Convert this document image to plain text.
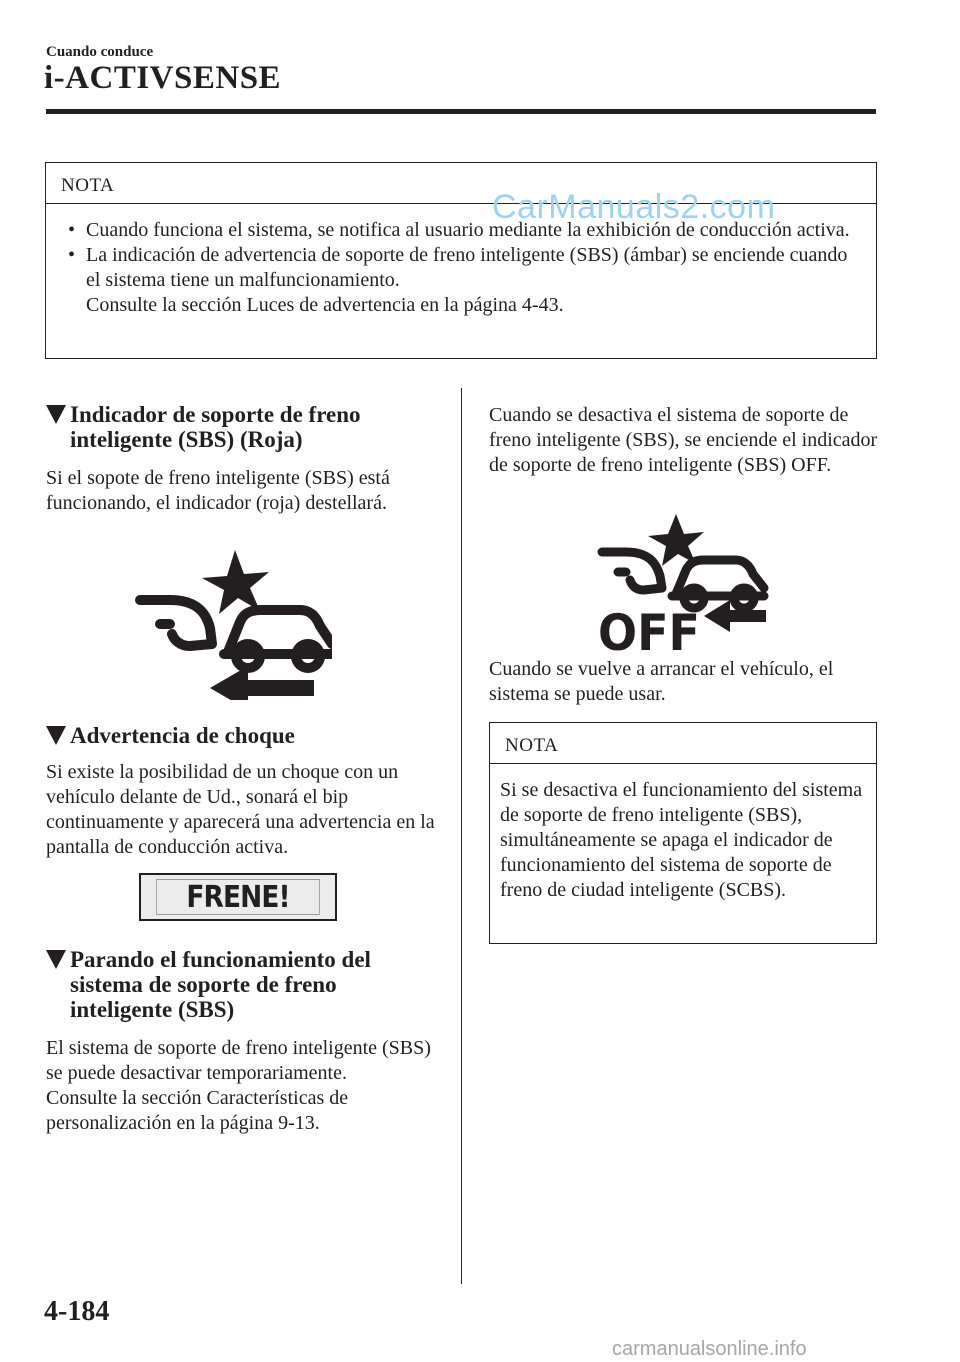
Cuando conduce
i-ACTIVSENSE
NOTA
• Cuando funciona el sistema, se notifica al usuario mediante la exhibición de conducción activa.
• La indicación de advertencia de soporte de freno inteligente (SBS) (ámbar) se enciende cuando el sistema tiene un malfuncionamiento.
Consulte la sección Luces de advertencia en la página 4-43.
CarManuals2.com
Indicador de soporte de freno
inteligente (SBS) (Roja)
Si el sopote de freno inteligente (SBS) está funcionando, el indicador (roja) destellará.
Advertencia de choque
Si existe la posibilidad de un choque con un vehículo delante de Ud., sonará el bip continuamente y aparecerá una advertencia en la pantalla de conducción activa.
FRENE!
Parando el funcionamiento del
sistema de soporte de freno
inteligente (SBS)
El sistema de soporte de freno inteligente (SBS) se puede desactivar temporariamente.
Consulte la sección Características de personalización en la página 9-13.
Cuando se desactiva el sistema de soporte de freno inteligente (SBS), se enciende el indicador de soporte de freno inteligente (SBS) OFF.
OFF
Cuando se vuelve a arrancar el vehículo, el sistema se puede usar.
NOTA
Si se desactiva el funcionamiento del sistema de soporte de freno inteligente (SBS), simultáneamente se apaga el indicador de funcionamiento del sistema de soporte de freno de ciudad inteligente (SCBS).
4-184
carmanualsonline.info
